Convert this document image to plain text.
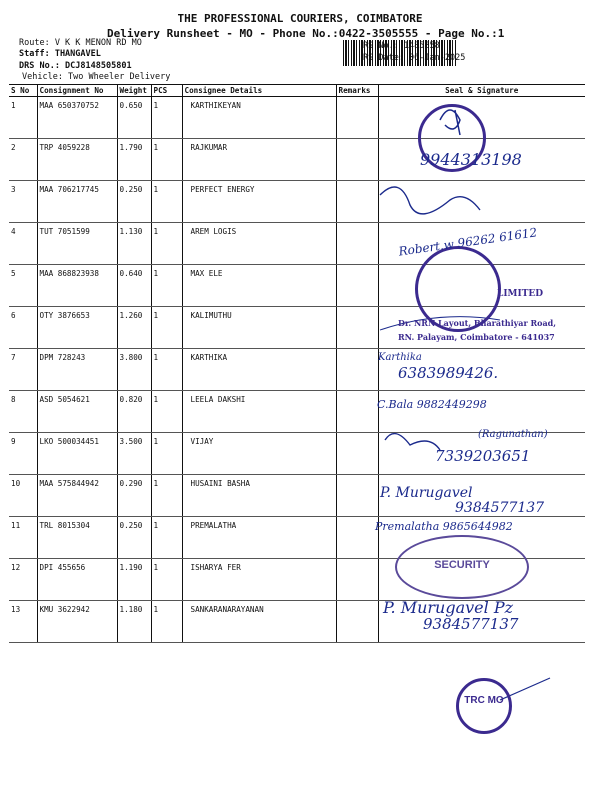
THE PROFESSIONAL COURIERS, COIMBATORE
Delivery Runsheet - MO - Phone No.:0422-3505555 - Page No.:1
Route: V K K MENON RD MO
Staff: THANGAVEL
DRS No.: DCJ8148505801
Vehicle: Two Wheeler Delivery
RS No.: 1485858
RS Date: 06-Jan-2025
S No	Consignment No	Weight	PCS	Consignee Details	Remarks	Seal & Signature
1	MAA 650370752	0.650	1	KARTHIKEYAN		
2	TRP 4059228	1.790	1	RAJKUMAR		
3	MAA 706217745	0.250	1	PERFECT ENERGY		
4	TUT 7051599	1.130	1	AREM LOGIS		
5	MAA 868823938	0.640	1	MAX ELE		
6	OTY 3876653	1.260	1	KALIMUTHU		
7	DPM 728243	3.800	1	KARTHIKA		
8	ASD 5054621	0.820	1	LEELA DAKSHI		
9	LKO 500034451	3.500	1	VIJAY		
10	MAA 575844942	0.290	1	HUSAINI BASHA		
11	TRL 8015304	0.250	1	PREMALATHA		
12	DPI 455656	1.190	1	ISHARYA FER		
13	KMU 3622942	1.180	1	SANKARANARAYANAN		
TRC MO
SECURITY
9944313198
Robert.w 96262 61612
LIMITED
Dr. NRN Layout, Bharathiyar Road,
RN. Palayam, Coimbatore - 641037
Karthika
6383989426.
C.Bala 9882449298
(Ragunathan)
7339203651
P. Murugavel
9384577137
Premalatha 9865644982
P. Murugavel Pz
9384577137
